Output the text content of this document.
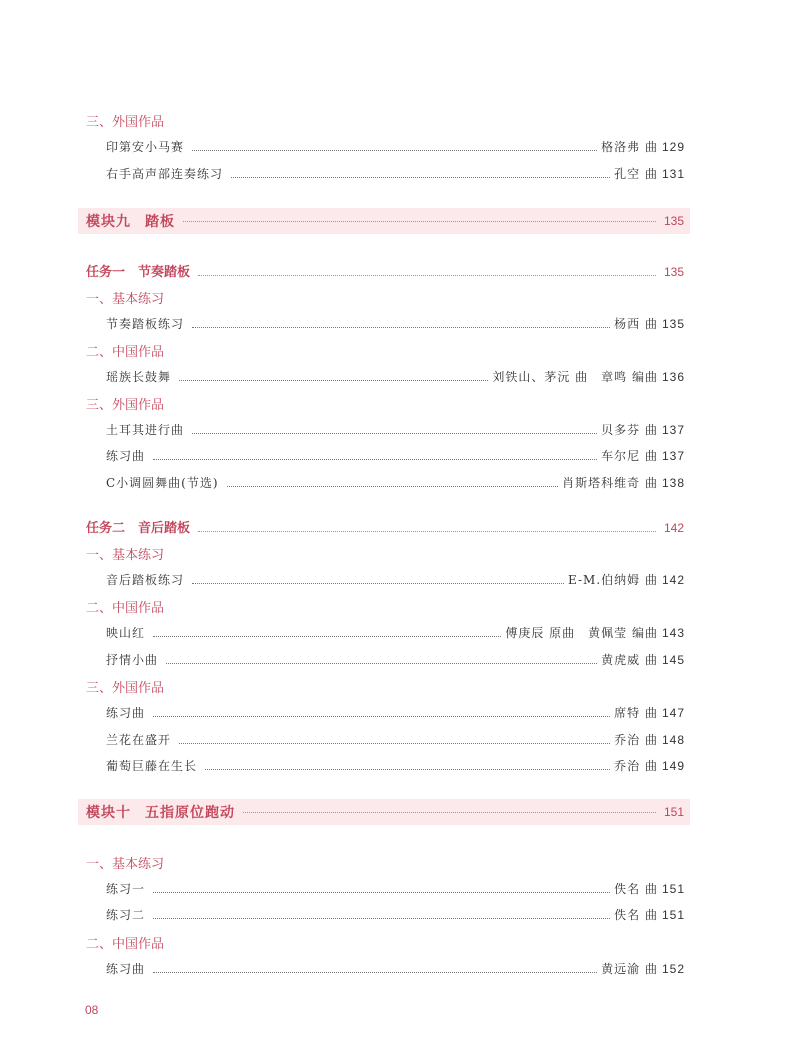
三、外国作品
印第安小马赛	格洛弗 曲 129
右手高声部连奏练习	孔空 曲 131
模块九 踏板	135
任务一　 节奏踏板	135
一、基本练习
节奏踏板练习	杨西 曲 135
二、中国作品
瑶族长鼓舞	刘铁山、茅沅 曲　章鸣 编曲 136
三、外国作品
土耳其进行曲	贝多芬 曲 137
练习曲	车尔尼 曲 137
C小调圆舞曲(节选)	肖斯塔科维奇 曲 138
任务二　 音后踏板	142
一、基本练习
音后踏板练习	E-M.伯纳姆 曲 142
二、中国作品
映山红	傅庚辰 原曲　黄佩莹 编曲 143
抒情小曲	黄虎威 曲 145
三、外国作品
练习曲	席特 曲 147
兰花在盛开	乔治 曲 148
葡萄巨藤在生长	乔治 曲 149
模块十 五指原位跑动	151
一、基本练习
练习一	佚名 曲 151
练习二	佚名 曲 151
二、中国作品
练习曲	黄远渝 曲 152
08
